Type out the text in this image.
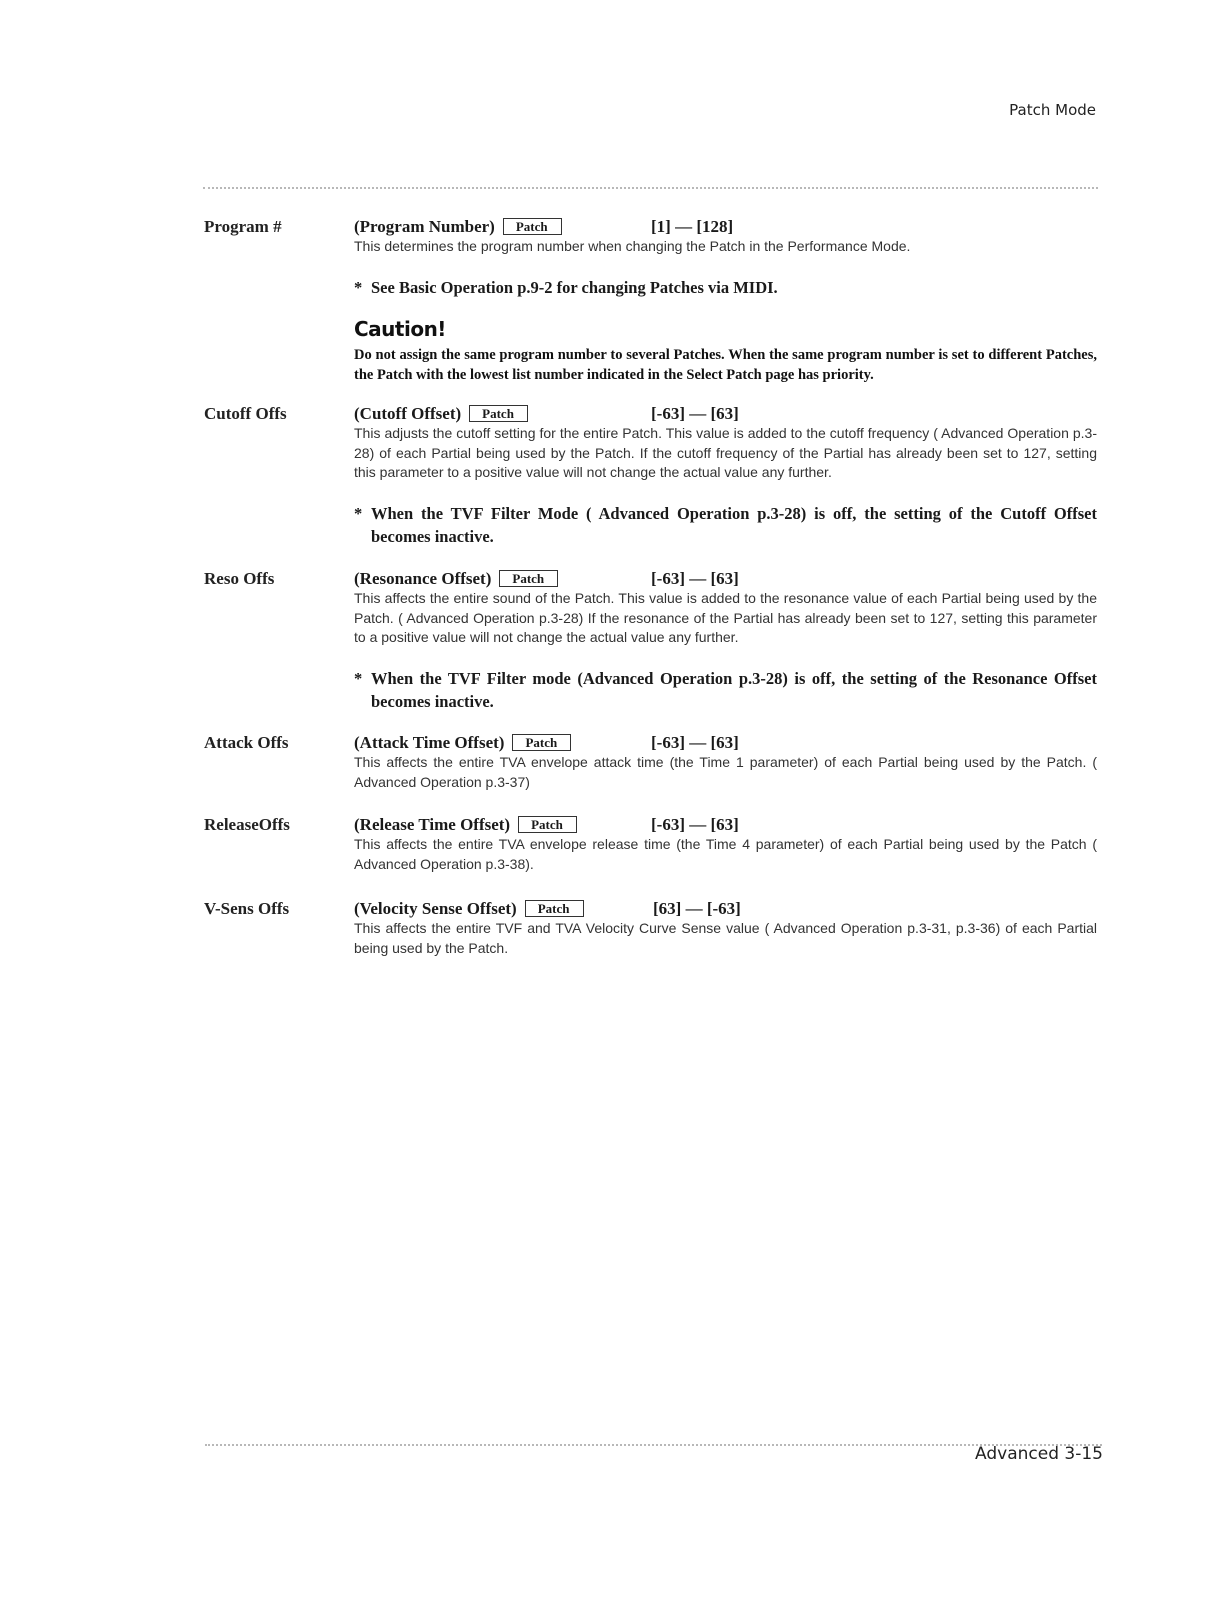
Patch Mode
Program #	(Program Number) Patch	[1] — [128]

This determines the program number when changing the Patch in the Performance Mode.

* See Basic Operation p.9-2 for changing Patches via MIDI.

Caution!

Do not assign the same program number to several Patches. When the same program number is set to different Patches, the Patch with the lowest list number indicated in the Select Patch page has priority.

Cutoff Offs	(Cutoff Offset) Patch	[-63] — [63]

This adjusts the cutoff setting for the entire Patch. This value is added to the cutoff frequency ( Advanced Operation p.3-28) of each Partial being used by the Patch. If the cutoff frequency of the Partial has already been set to 127, setting this parameter to a positive value will not change the actual value any further.

* When the TVF Filter Mode ( Advanced Operation p.3-28) is off, the setting of the Cutoff Offset becomes inactive.

Reso Offs	(Resonance Offset) Patch	[-63] — [63]

This affects the entire sound of the Patch. This value is added to the resonance value of each Partial being used by the Patch. ( Advanced Operation p.3-28) If the resonance of the Partial has already been set to 127, setting this parameter to a positive value will not change the actual value any further.

* When the TVF Filter mode (Advanced Operation p.3-28) is off, the setting of the Resonance Offset becomes inactive.

Attack Offs	(Attack Time Offset) Patch	[-63] — [63]

This affects the entire TVA envelope attack time (the Time 1 parameter) of each Partial being used by the Patch. ( Advanced Operation p.3-37)

ReleaseOffs	(Release Time Offset) Patch	[-63] — [63]

This affects the entire TVA envelope release time (the Time 4 parameter) of each Partial being used by the Patch ( Advanced Operation p.3-38).

V-Sens Offs	(Velocity Sense Offset) Patch	[63] — [-63]

This affects the entire TVF and TVA Velocity Curve Sense value ( Advanced Operation p.3-31, p.3-36) of each Partial being used by the Patch.

Advanced 3-15
